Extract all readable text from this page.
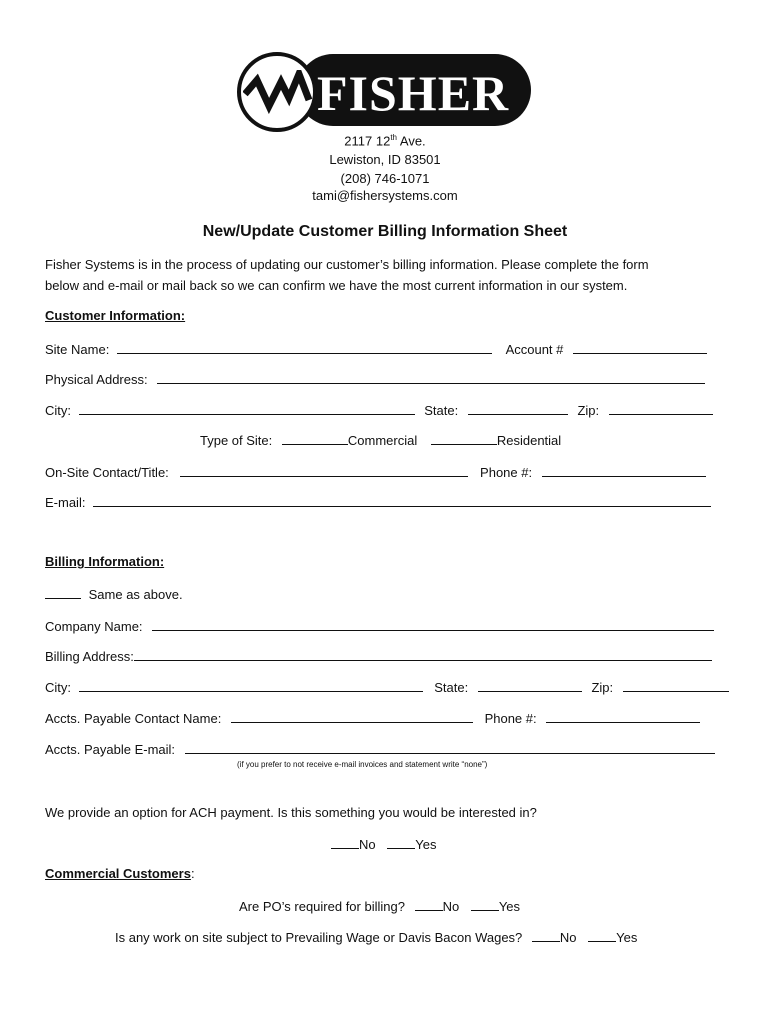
FISHER
2117 12th Ave.
Lewiston, ID 83501
(208) 746-1071
tami@fishersystems.com
New/Update Customer Billing Information Sheet
Fisher Systems is in the process of updating our customer’s billing information. Please complete the form
below and e-mail or mail back so we can confirm we have the most current information in our system.
Customer Information:
Site Name:	Account #
Physical Address:
City:	State:	Zip:
Type of Site:	Commercial	Residential
On-Site Contact/Title:	Phone #:
E-mail:
Billing Information:
Same as above.
Company Name:
Billing Address:
City:	State:	Zip:
Accts. Payable Contact Name:	Phone #:
Accts. Payable E-mail:
(if you prefer to not receive e-mail invoices and statement write “none”)
We provide an option for ACH payment. Is this something you would be interested in?
No	Yes
Commercial Customers:
Are PO’s required for billing?	No	Yes
Is any work on site subject to Prevailing Wage or Davis Bacon Wages?	No	Yes
